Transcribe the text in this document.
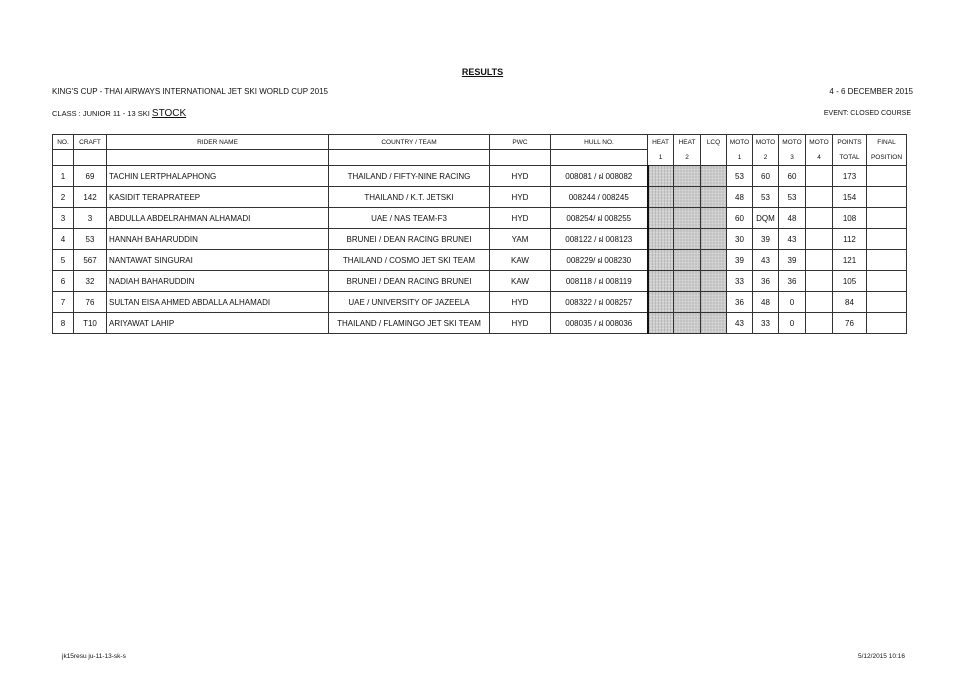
RESULTS
KING'S CUP - THAI AIRWAYS INTERNATIONAL JET SKI WORLD CUP 2015	4 - 6 DECEMBER 2015
CLASS : JUNIOR 11 - 13 SKI STOCK	EVENT: CLOSED COURSE
NO.	CRAFT	RIDER NAME	COUNTRY / TEAM	PWC	HULL NO.	HEAT	HEAT	LCQ	MOTO	MOTO	MOTO	MOTO	POINTS	FINAL
						1	2		1	2	3	4	TOTAL	POSITION
1	69	TACHIN LERTPHALAPHONG	THAILAND / FIFTY-NINE RACING	HYD	008081 / ฝ 008082				53	60	60		173	
2	142	KASIDIT TERAPRATEEP	THAILAND / K.T. JETSKI	HYD	008244 / 008245				48	53	53		154	
3	3	ABDULLA ABDELRAHMAN ALHAMADI	UAE / NAS TEAM-F3	HYD	008254/ ฝ 008255				60	DQM	48		108	
4	53	HANNAH BAHARUDDIN	BRUNEI / DEAN RACING BRUNEI	YAM	008122 / ฝ 008123				30	39	43		112	
5	567	NANTAWAT SINGURAI	THAILAND / COSMO JET SKI TEAM	KAW	008229/ ฝ 008230				39	43	39		121	
6	32	NADIAH BAHARUDDIN	BRUNEI / DEAN RACING BRUNEI	KAW	008118 / ฝ 008119				33	36	36		105	
7	76	SULTAN EISA AHMED ABDALLA ALHAMADI	UAE / UNIVERSITY OF JAZEELA	HYD	008322 / ฝ 008257				36	48	0		84	
8	T10	ARIYAWAT LAHIP	THAILAND / FLAMINGO JET SKI TEAM	HYD	008035 / ฝ 008036				43	33	0		76	
jk15resu ju-11-13-sk-s	5/12/2015 10:16
